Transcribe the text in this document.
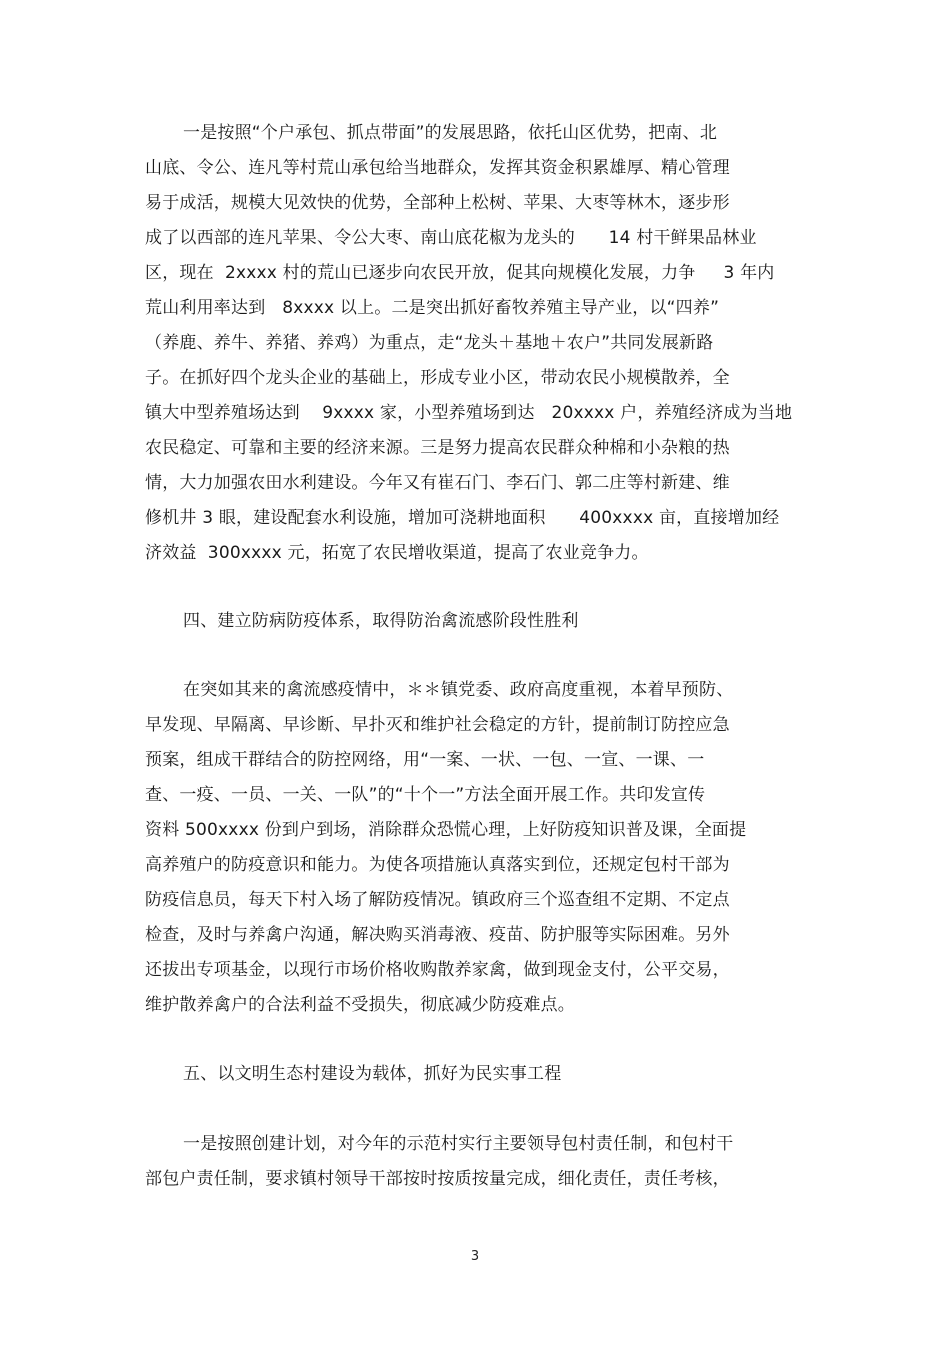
一是按照“个户承包、抓点带面”的发展思路，依托山区优势，把南、北
山底、令公、连凡等村荒山承包给当地群众，发挥其资金积累雄厚、精心管理
易于成活，规模大见效快的优势，全部种上松树、苹果、大枣等林木，逐步形
成了以西部的连凡苹果、令公大枣、南山底花椒为龙头的      14 村干鲜果品林业
区，现在  2xxxx 村的荒山已逐步向农民开放，促其向规模化发展，力争     3 年内
荒山利用率达到   8xxxx 以上。二是突出抓好畜牧养殖主导产业，以“四养”
（养鹿、养牛、养猪、养鸡）为重点，走“龙头＋基地＋农户”共同发展新路
子。在抓好四个龙头企业的基础上，形成专业小区，带动农民小规模散养，全
镇大中型养殖场达到    9xxxx 家，小型养殖场到达   20xxxx 户，养殖经济成为当地
农民稳定、可靠和主要的经济来源。三是努力提高农民群众种棉和小杂粮的热
情，大力加强农田水利建设。今年又有崔石门、李石门、郭二庄等村新建、维
修机井 3 眼，建设配套水利设施，增加可浇耕地面积      400xxxx 亩，直接增加经
济效益  300xxxx 元，拓宽了农民增收渠道，提高了农业竞争力。
四、建立防病防疫体系，取得防治禽流感阶段性胜利
在突如其来的禽流感疫情中，＊＊镇党委、政府高度重视，本着早预防、
早发现、早隔离、早诊断、早扑灭和维护社会稳定的方针，提前制订防控应急
预案，组成干群结合的防控网络，用“一案、一状、一包、一宣、一课、一
查、一疫、一员、一关、一队”的“十个一”方法全面开展工作。共印发宣传
资料 500xxxx 份到户到场，消除群众恐慌心理，上好防疫知识普及课，全面提
高养殖户的防疫意识和能力。为使各项措施认真落实到位，还规定包村干部为
防疫信息员，每天下村入场了解防疫情况。镇政府三个巡查组不定期、不定点
检查，及时与养禽户沟通，解决购买消毒液、疫苗、防护服等实际困难。另外
还拔出专项基金，以现行市场价格收购散养家禽，做到现金支付，公平交易，
维护散养禽户的合法利益不受损失，彻底减少防疫难点。
五、以文明生态村建设为载体，抓好为民实事工程
一是按照创建计划，对今年的示范村实行主要领导包村责任制，和包村干
部包户责任制，要求镇村领导干部按时按质按量完成，细化责任，责任考核，
3
